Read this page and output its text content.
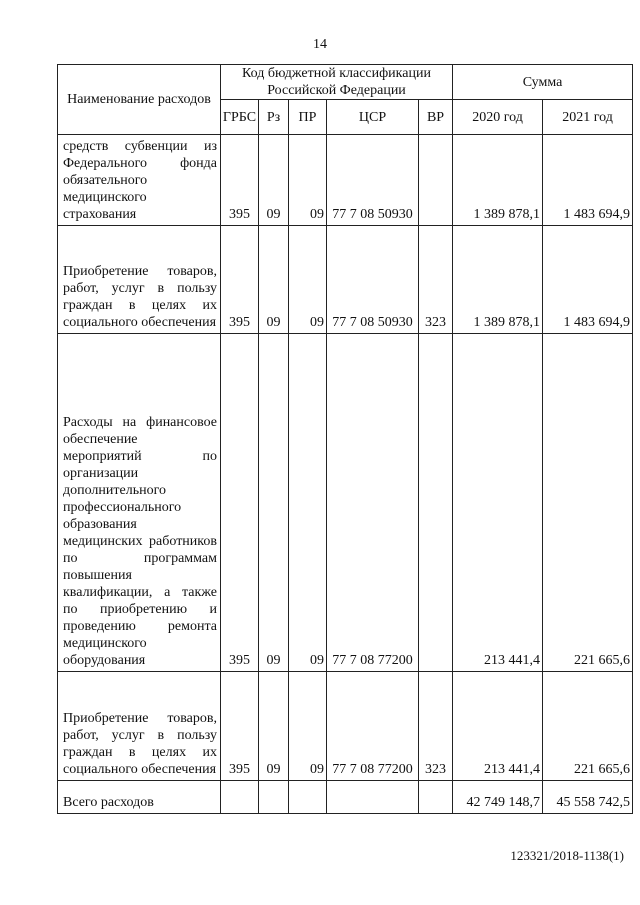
14
Наименование расходов	Код бюджетной классификации Российской Федерации					Сумма	
	ГРБС	Рз	ПР	ЦСР	ВР	2020 год	2021 год
средств субвенции из Федерального фонда обязательного медицинского страхования	395	09	09	77 7 08 50930		1 389 878,1	1 483 694,9
Приобретение товаров, работ, услуг в пользу граждан в целях их социального обеспечения	395	09	09	77 7 08 50930	323	1 389 878,1	1 483 694,9
Расходы на финансовое обеспечение мероприятий по организации дополнительного профессионального образования медицинских работников по программам повышения квалификации, а также по приобретению и проведению ремонта медицинского оборудования	395	09	09	77 7 08 77200		213 441,4	221 665,6
Приобретение товаров, работ, услуг в пользу граждан в целях их социального обеспечения	395	09	09	77 7 08 77200	323	213 441,4	221 665,6
Всего расходов						42 749 148,7	45 558 742,5
123321/2018-1138(1)
